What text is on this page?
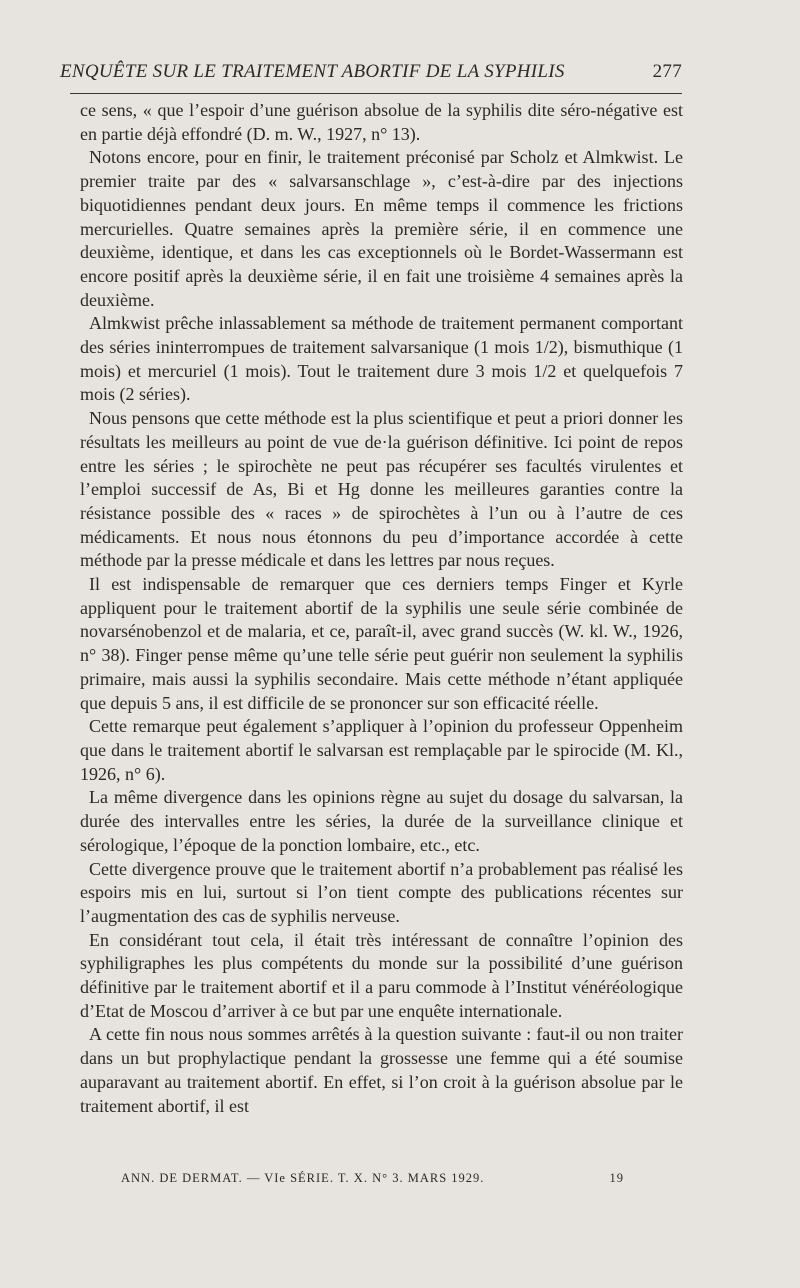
ENQUÊTE SUR LE TRAITEMENT ABORTIF DE LA SYPHILIS	277

ce sens, « que l’espoir d’une guérison absolue de la syphilis dite séro-négative est en partie déjà effondré (D. m. W., 1927, n° 13).

Notons encore, pour en finir, le traitement préconisé par Scholz et Almkwist. Le premier traite par des « salvarsanschlage », c’est-à-dire par des injections biquotidiennes pendant deux jours. En même temps il commence les frictions mercurielles. Quatre semaines après la première série, il en commence une deuxième, identique, et dans les cas exceptionnels où le Bordet-Wassermann est encore positif après la deuxième série, il en fait une troisième 4 semaines après la deuxième.

Almkwist prêche inlassablement sa méthode de traitement permanent comportant des séries ininterrompues de traitement salvarsanique (1 mois 1/2), bismuthique (1 mois) et mercuriel (1 mois). Tout le traitement dure 3 mois 1/2 et quelquefois 7 mois (2 séries).

Nous pensons que cette méthode est la plus scientifique et peut a priori donner les résultats les meilleurs au point de vue de·la guérison définitive. Ici point de repos entre les séries ; le spirochète ne peut pas récupérer ses facultés virulentes et l’emploi successif de As, Bi et Hg donne les meilleures garanties contre la résistance possible des « races » de spirochètes à l’un ou à l’autre de ces médicaments. Et nous nous étonnons du peu d’importance accordée à cette méthode par la presse médicale et dans les lettres par nous reçues.

Il est indispensable de remarquer que ces derniers temps Finger et Kyrle appliquent pour le traitement abortif de la syphilis une seule série combinée de novarsénobenzol et de malaria, et ce, paraît-il, avec grand succès (W. kl. W., 1926, n° 38). Finger pense même qu’une telle série peut guérir non seulement la syphilis primaire, mais aussi la syphilis secondaire. Mais cette méthode n’étant appliquée que depuis 5 ans, il est difficile de se prononcer sur son efficacité réelle.

Cette remarque peut également s’appliquer à l’opinion du professeur Oppenheim que dans le traitement abortif le salvarsan est remplaçable par le spirocide (M. Kl., 1926, n° 6).

La même divergence dans les opinions règne au sujet du dosage du salvarsan, la durée des intervalles entre les séries, la durée de la surveillance clinique et sérologique, l’époque de la ponction lombaire, etc., etc.

Cette divergence prouve que le traitement abortif n’a probablement pas réalisé les espoirs mis en lui, surtout si l’on tient compte des publications récentes sur l’augmentation des cas de syphilis nerveuse.

En considérant tout cela, il était très intéressant de connaître l’opinion des syphiligraphes les plus compétents du monde sur la possibilité d’une guérison définitive par le traitement abortif et il a paru commode à l’Institut vénéréologique d’Etat de Moscou d’arriver à ce but par une enquête internationale.

A cette fin nous nous sommes arrêtés à la question suivante : faut-il ou non traiter dans un but prophylactique pendant la grossesse une femme qui a été soumise auparavant au traitement abortif. En effet, si l’on croit à la guérison absolue par le traitement abortif, il est

ANN. DE DERMAT. — VIe SÉRIE. T. X. N° 3. MARS 1929.	19
